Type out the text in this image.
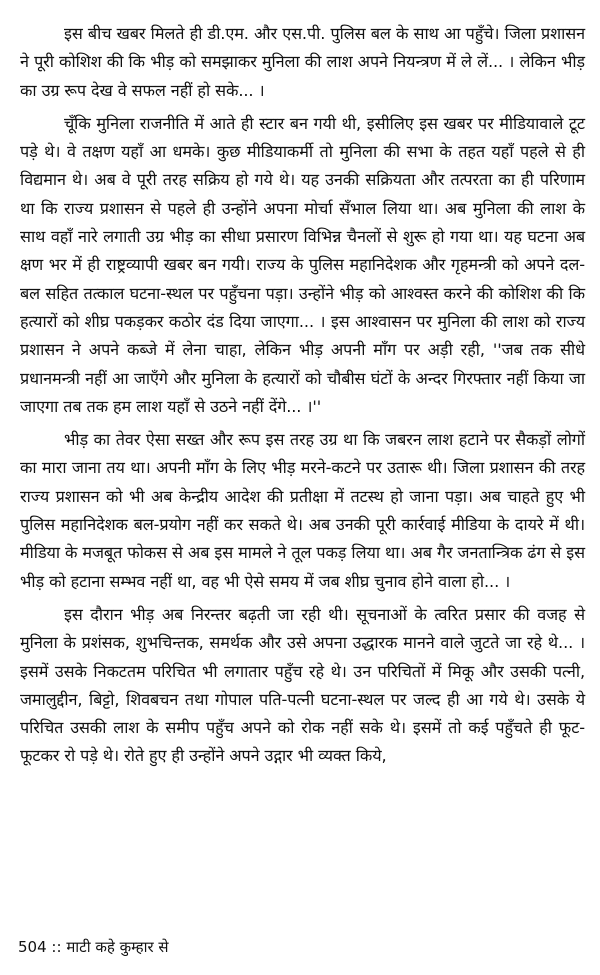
इस बीच खबर मिलते ही डी.एम. और एस.पी. पुलिस बल के साथ आ पहुँचे। जिला प्रशासन ने पूरी कोशिश की कि भीड़ को समझाकर मुनिला की लाश अपने नियन्त्रण में ले लें... । लेकिन भीड़ का उग्र रूप देख वे सफल नहीं हो सके... ।

चूँकि मुनिला राजनीति में आते ही स्टार बन गयी थी, इसीलिए इस खबर पर मीडियावाले टूट पड़े थे। वे तक्षण यहाँ आ धमके। कुछ मीडियाकर्मी तो मुनिला की सभा के तहत यहाँ पहले से ही विद्यमान थे। अब वे पूरी तरह सक्रिय हो गये थे। यह उनकी सक्रियता और तत्परता का ही परिणाम था कि राज्य प्रशासन से पहले ही उन्होंने अपना मोर्चा सँभाल लिया था। अब मुनिला की लाश के साथ वहाँ नारे लगाती उग्र भीड़ का सीधा प्रसारण विभिन्न चैनलों से शुरू हो गया था। यह घटना अब क्षण भर में ही राष्ट्रव्यापी खबर बन गयी। राज्य के पुलिस महानिदेशक और गृहमन्त्री को अपने दल-बल सहित तत्काल घटना-स्थल पर पहुँचना पड़ा। उन्होंने भीड़ को आश्वस्त करने की कोशिश की कि हत्यारों को शीघ्र पकड़कर कठोर दंड दिया जाएगा... । इस आश्वासन पर मुनिला की लाश को राज्य प्रशासन ने अपने कब्जे में लेना चाहा, लेकिन भीड़ अपनी माँग पर अड़ी रही, ''जब तक सीधे प्रधानमन्त्री नहीं आ जाएँगे और मुनिला के हत्यारों को चौबीस घंटों के अन्दर गिरफ्तार नहीं किया जा जाएगा तब तक हम लाश यहाँ से उठने नहीं देंगे... ।''

भीड़ का तेवर ऐसा सख्त और रूप इस तरह उग्र था कि जबरन लाश हटाने पर सैकड़ों लोगों का मारा जाना तय था। अपनी माँग के लिए भीड़ मरने-कटने पर उतारू थी। जिला प्रशासन की तरह राज्य प्रशासन को भी अब केन्द्रीय आदेश की प्रतीक्षा में तटस्थ हो जाना पड़ा। अब चाहते हुए भी पुलिस महानिदेशक बल-प्रयोग नहीं कर सकते थे। अब उनकी पूरी कार्रवाई मीडिया के दायरे में थी। मीडिया के मजबूत फोकस से अब इस मामले ने तूल पकड़ लिया था। अब गैर जनतान्त्रिक ढंग से इस भीड़ को हटाना सम्भव नहीं था, वह भी ऐसे समय में जब शीघ्र चुनाव होने वाला हो... ।

इस दौरान भीड़ अब निरन्तर बढ़ती जा रही थी। सूचनाओं के त्वरित प्रसार की वजह से मुनिला के प्रशंसक, शुभचिन्तक, समर्थक और उसे अपना उद्धारक मानने वाले जुटते जा रहे थे... । इसमें उसके निकटतम परिचित भी लगातार पहुँच रहे थे। उन परिचितों में मिकू और उसकी पत्नी, जमालुद्दीन, बिट्टो, शिवबचन तथा गोपाल पति-पत्नी घटना-स्थल पर जल्द ही आ गये थे। उसके ये परिचित उसकी लाश के समीप पहुँच अपने को रोक नहीं सके थे। इसमें तो कई पहुँचते ही फूट-फूटकर रो पड़े थे। रोते हुए ही उन्होंने अपने उद्गार भी व्यक्त किये,

504 :: माटी कहे कुम्हार से
